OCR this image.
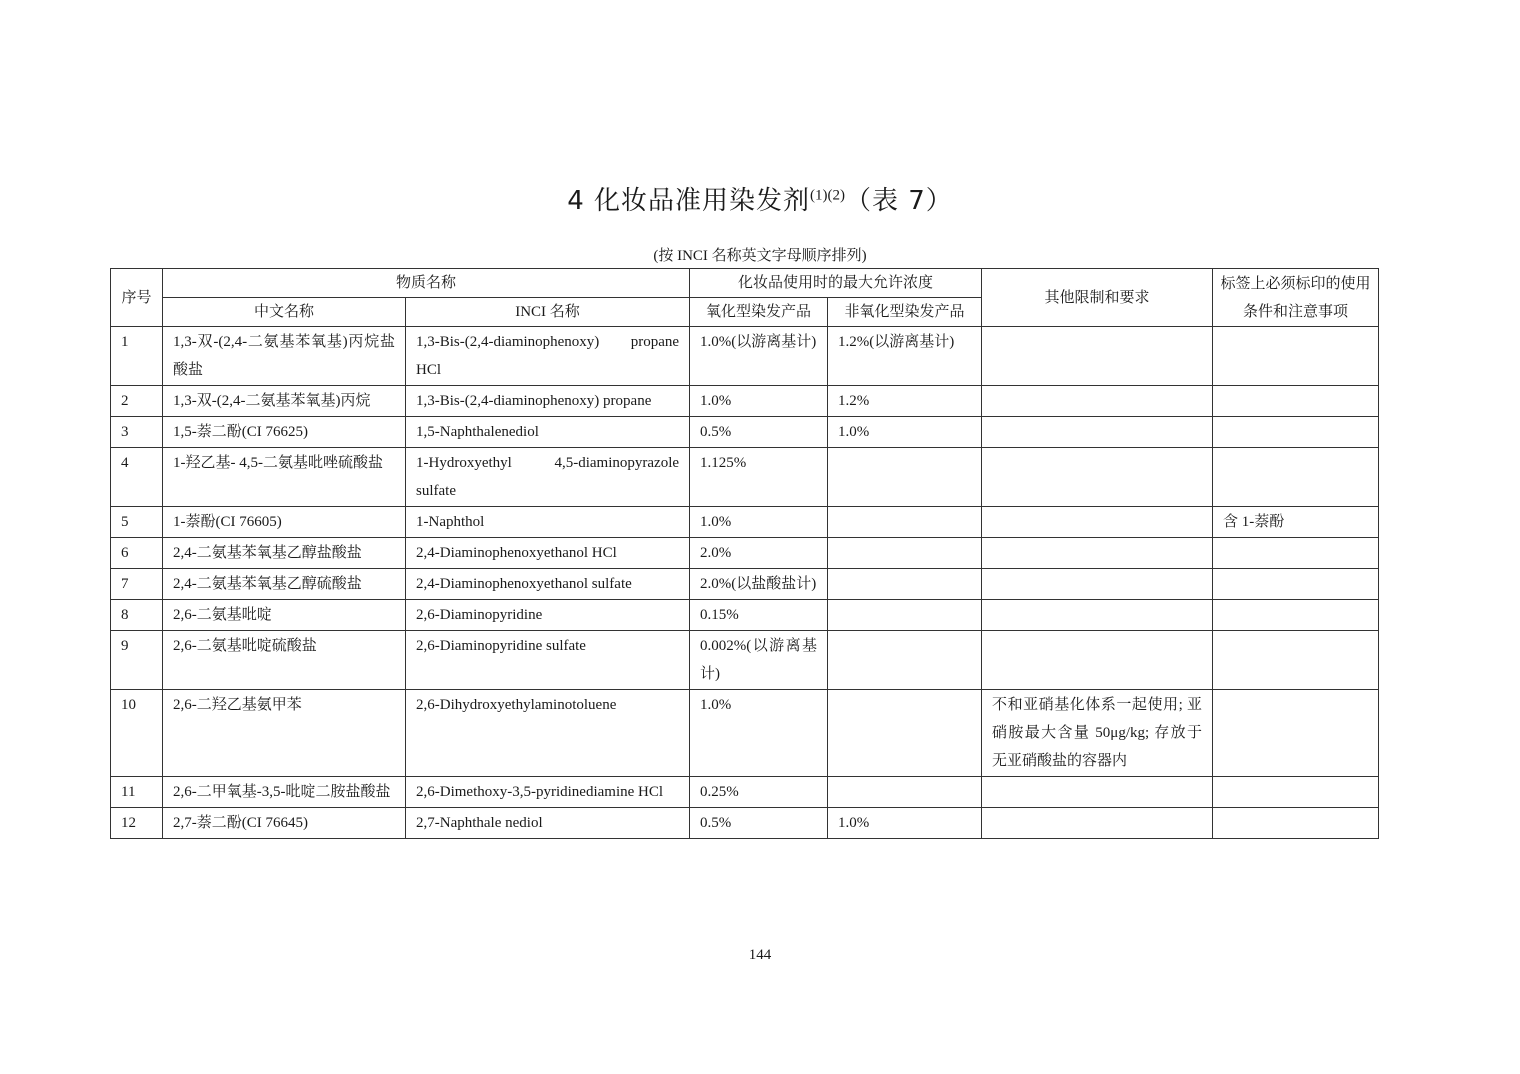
4 化妆品准用染发剂$^{(1)(2)}$（表 7）
(按 INCI 名称英文字母顺序排列)
序号	物质名称		化妆品使用时的最大允许浓度		其他限制和要求	标签上必须标印的使用条件和注意事项
	中文名称	INCI 名称	氧化型染发产品	非氧化型染发产品		
1	1,3-双-(2,4-二氨基苯氧基)丙烷盐酸盐	1,3-Bis-(2,4-diaminophenoxy) propane HCl	1.0%(以游离基计)	1.2%(以游离基计)		
2	1,3-双-(2,4-二氨基苯氧基)丙烷	1,3-Bis-(2,4-diaminophenoxy) propane	1.0%	1.2%		
3	1,5-萘二酚(CI 76625)	1,5-Naphthalenediol	0.5%	1.0%		
4	1-羟乙基- 4,5-二氨基吡唑硫酸盐	1-Hydroxyethyl 4,5-diaminopyrazole sulfate	1.125%			
5	1-萘酚(CI 76605)	1-Naphthol	1.0%			含 1-萘酚
6	2,4-二氨基苯氧基乙醇盐酸盐	2,4-Diaminophenoxyethanol HCl	2.0%			
7	2,4-二氨基苯氧基乙醇硫酸盐	2,4-Diaminophenoxyethanol sulfate	2.0%(以盐酸盐计)			
8	2,6-二氨基吡啶	2,6-Diaminopyridine	0.15%			
9	2,6-二氨基吡啶硫酸盐	2,6-Diaminopyridine sulfate	0.002%(以游离基计)			
10	2,6-二羟乙基氨甲苯	2,6-Dihydroxyethylaminotoluene	1.0%		不和亚硝基化体系一起使用; 亚硝胺最大含量 50μg/kg; 存放于无亚硝酸盐的容器内	
11	2,6-二甲氧基-3,5-吡啶二胺盐酸盐	2,6-Dimethoxy-3,5-pyridinediamine HCl	0.25%			
12	2,7-萘二酚(CI 76645)	2,7-Naphthale nediol	0.5%	1.0%		
144
